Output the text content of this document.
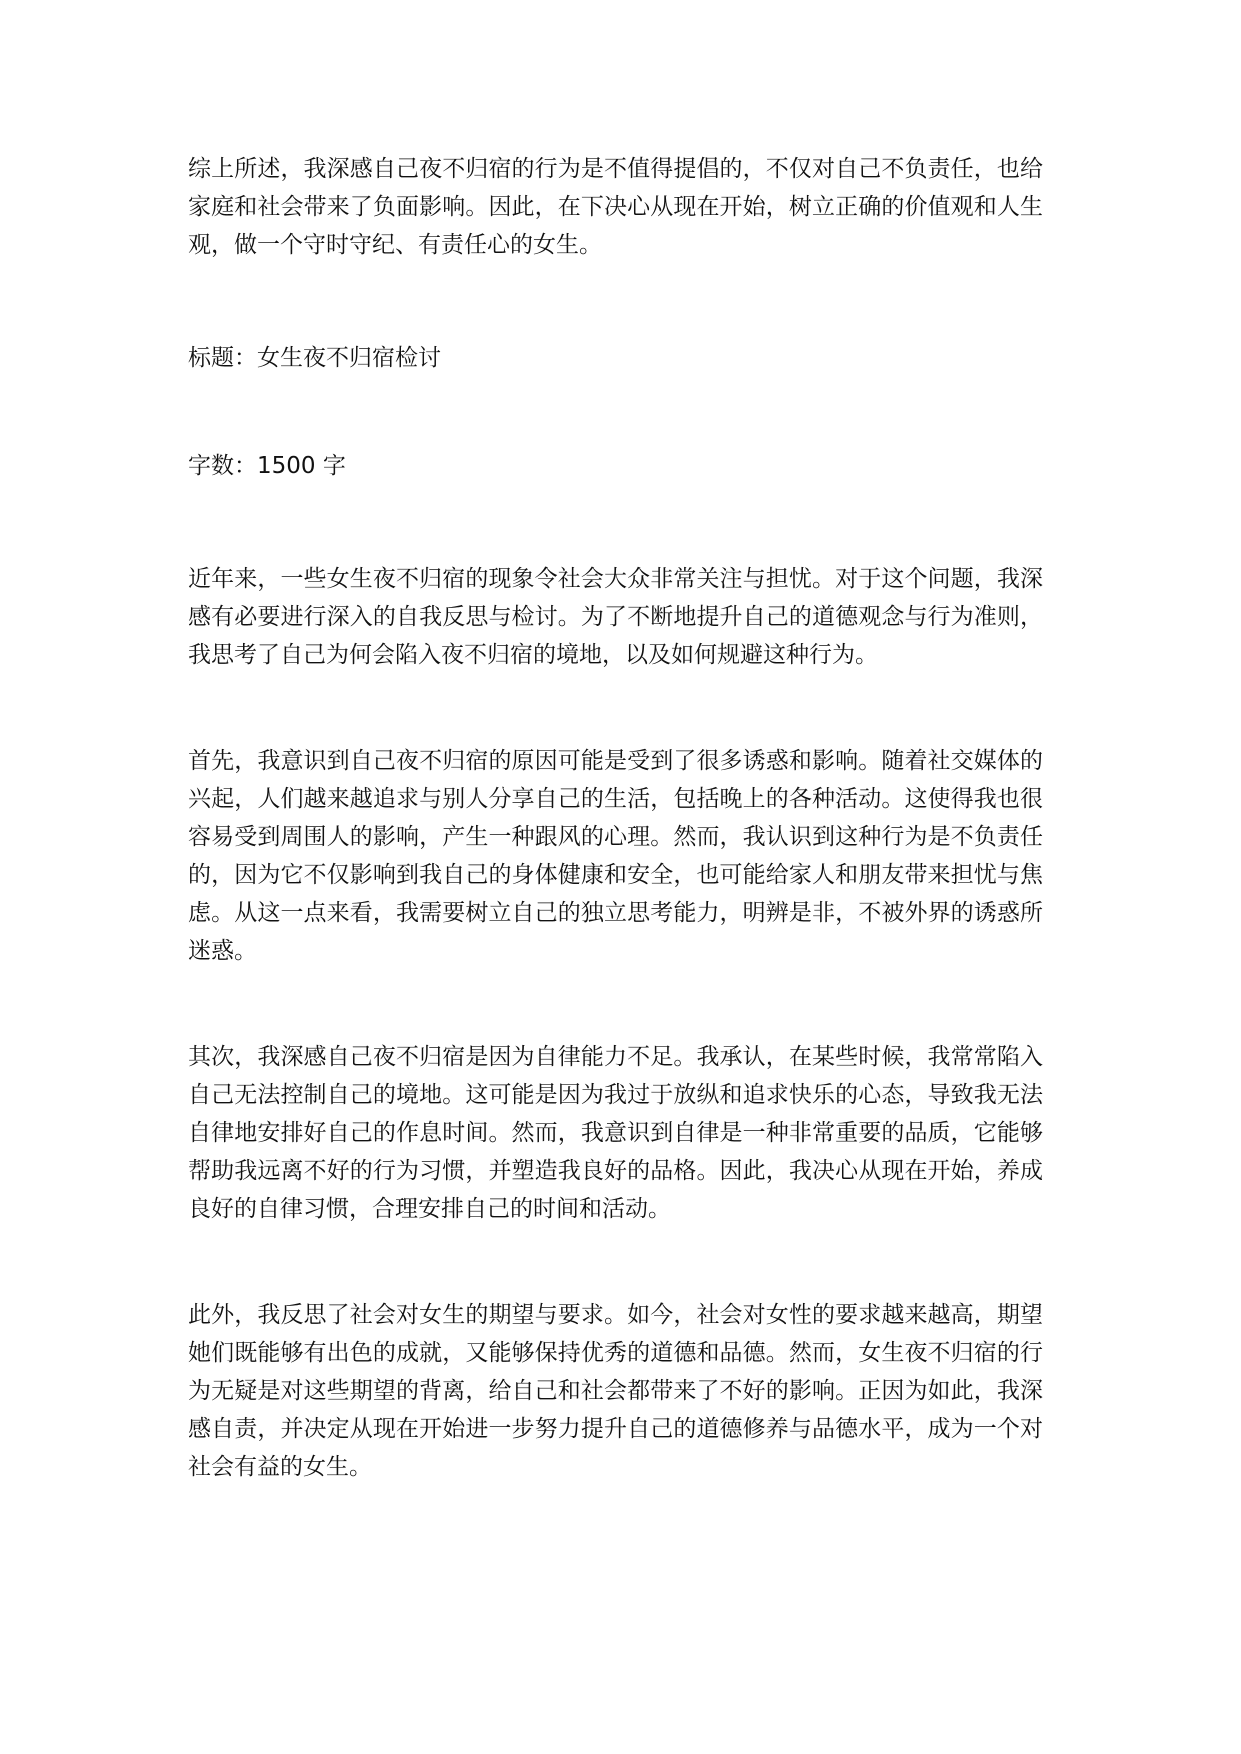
综上所述，我深感自己夜不归宿的行为是不值得提倡的，不仅对自己不负责任，也给家庭和社会带来了负面影响。因此，在下决心从现在开始，树立正确的价值观和人生观，做一个守时守纪、有责任心的女生。

标题：女生夜不归宿检讨

字数：1500 字

近年来，一些女生夜不归宿的现象令社会大众非常关注与担忧。对于这个问题，我深感有必要进行深入的自我反思与检讨。为了不断地提升自己的道德观念与行为准则，我思考了自己为何会陷入夜不归宿的境地，以及如何规避这种行为。

首先，我意识到自己夜不归宿的原因可能是受到了很多诱惑和影响。随着社交媒体的兴起，人们越来越追求与别人分享自己的生活，包括晚上的各种活动。这使得我也很容易受到周围人的影响，产生一种跟风的心理。然而，我认识到这种行为是不负责任的，因为它不仅影响到我自己的身体健康和安全，也可能给家人和朋友带来担忧与焦虑。从这一点来看，我需要树立自己的独立思考能力，明辨是非，不被外界的诱惑所迷惑。

其次，我深感自己夜不归宿是因为自律能力不足。我承认，在某些时候，我常常陷入自己无法控制自己的境地。这可能是因为我过于放纵和追求快乐的心态，导致我无法自律地安排好自己的作息时间。然而，我意识到自律是一种非常重要的品质，它能够帮助我远离不好的行为习惯，并塑造我良好的品格。因此，我决心从现在开始，养成良好的自律习惯，合理安排自己的时间和活动。

此外，我反思了社会对女生的期望与要求。如今，社会对女性的要求越来越高，期望她们既能够有出色的成就，又能够保持优秀的道德和品德。然而，女生夜不归宿的行为无疑是对这些期望的背离，给自己和社会都带来了不好的影响。正因为如此，我深感自责，并决定从现在开始进一步努力提升自己的道德修养与品德水平，成为一个对社会有益的女生。
